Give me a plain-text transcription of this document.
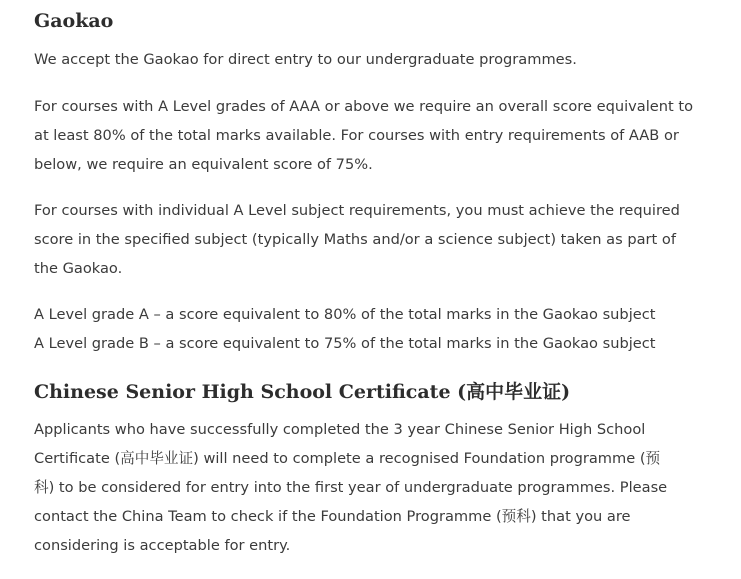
Gaokao

We accept the Gaokao for direct entry to our undergraduate programmes.

For courses with A Level grades of AAA or above we require an overall score equivalent to
at least 80% of the total marks available. For courses with entry requirements of AAB or
below, we require an equivalent score of 75%.

For courses with individual A Level subject requirements, you must achieve the required
score in the specified subject (typically Maths and/or a science subject) taken as part of
the Gaokao.

A Level grade A – a score equivalent to 80% of the total marks in the Gaokao subject
A Level grade B – a score equivalent to 75% of the total marks in the Gaokao subject

Chinese Senior High School Certificate (高中毕业证)

Applicants who have successfully completed the 3 year Chinese Senior High School
Certificate (高中毕业证) will need to complete a recognised Foundation programme (预
科) to be considered for entry into the first year of undergraduate programmes. Please
contact the China Team to check if the Foundation Programme (预科) that you are
considering is acceptable for entry.
